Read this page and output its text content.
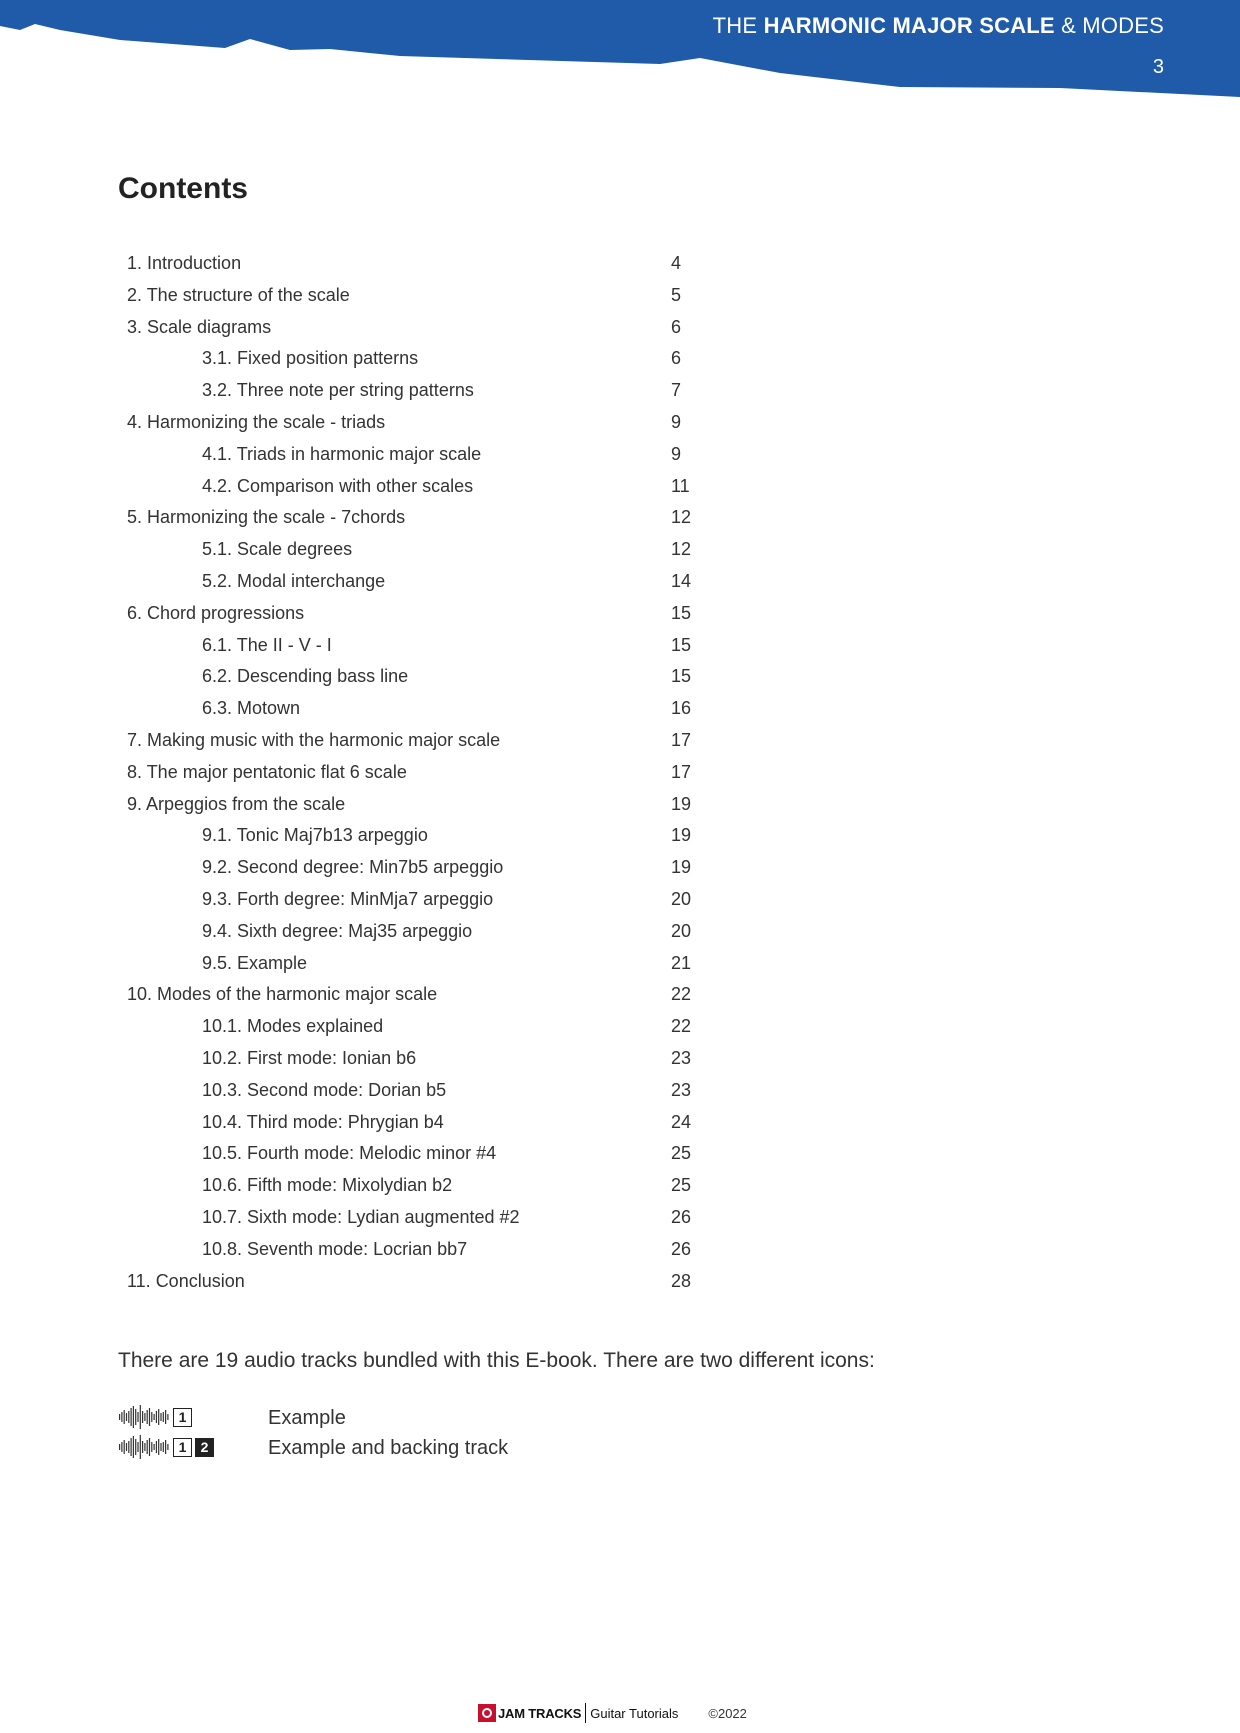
THE HARMONIC MAJOR SCALE & MODES
3
Contents
1. Introduction	4
2. The structure of the scale	5
3. Scale diagrams	6
3.1. Fixed position patterns	6
3.2. Three note per string patterns	7
4. Harmonizing the scale - triads	9
4.1. Triads in harmonic major scale	9
4.2. Comparison with other scales	11
5. Harmonizing the scale - 7chords	12
5.1. Scale degrees	12
5.2. Modal interchange	14
6. Chord progressions	15
6.1. The II - V - I	15
6.2. Descending bass line	15
6.3. Motown	16
7. Making music with the harmonic major scale	17
8. The major pentatonic flat 6 scale	17
9. Arpeggios from the scale	19
9.1. Tonic Maj7b13 arpeggio	19
9.2. Second degree: Min7b5 arpeggio	19
9.3. Forth degree: MinMja7 arpeggio	20
9.4. Sixth degree: Maj35 arpeggio	20
9.5. Example	21
10. Modes of the harmonic major scale	22
10.1. Modes explained	22
10.2. First mode: Ionian b6	23
10.3. Second mode: Dorian b5	23
10.4. Third mode: Phrygian b4	24
10.5. Fourth mode: Melodic minor #4	25
10.6. Fifth mode: Mixolydian b2	25
10.7. Sixth mode: Lydian augmented #2	26
10.8. Seventh mode: Locrian bb7	26
11. Conclusion	28
There are 19 audio tracks bundled with this E-book. There are two different icons:
1	Example
1	2	Example and backing track
JAM TRACKS Guitar Tutorials ©2022
